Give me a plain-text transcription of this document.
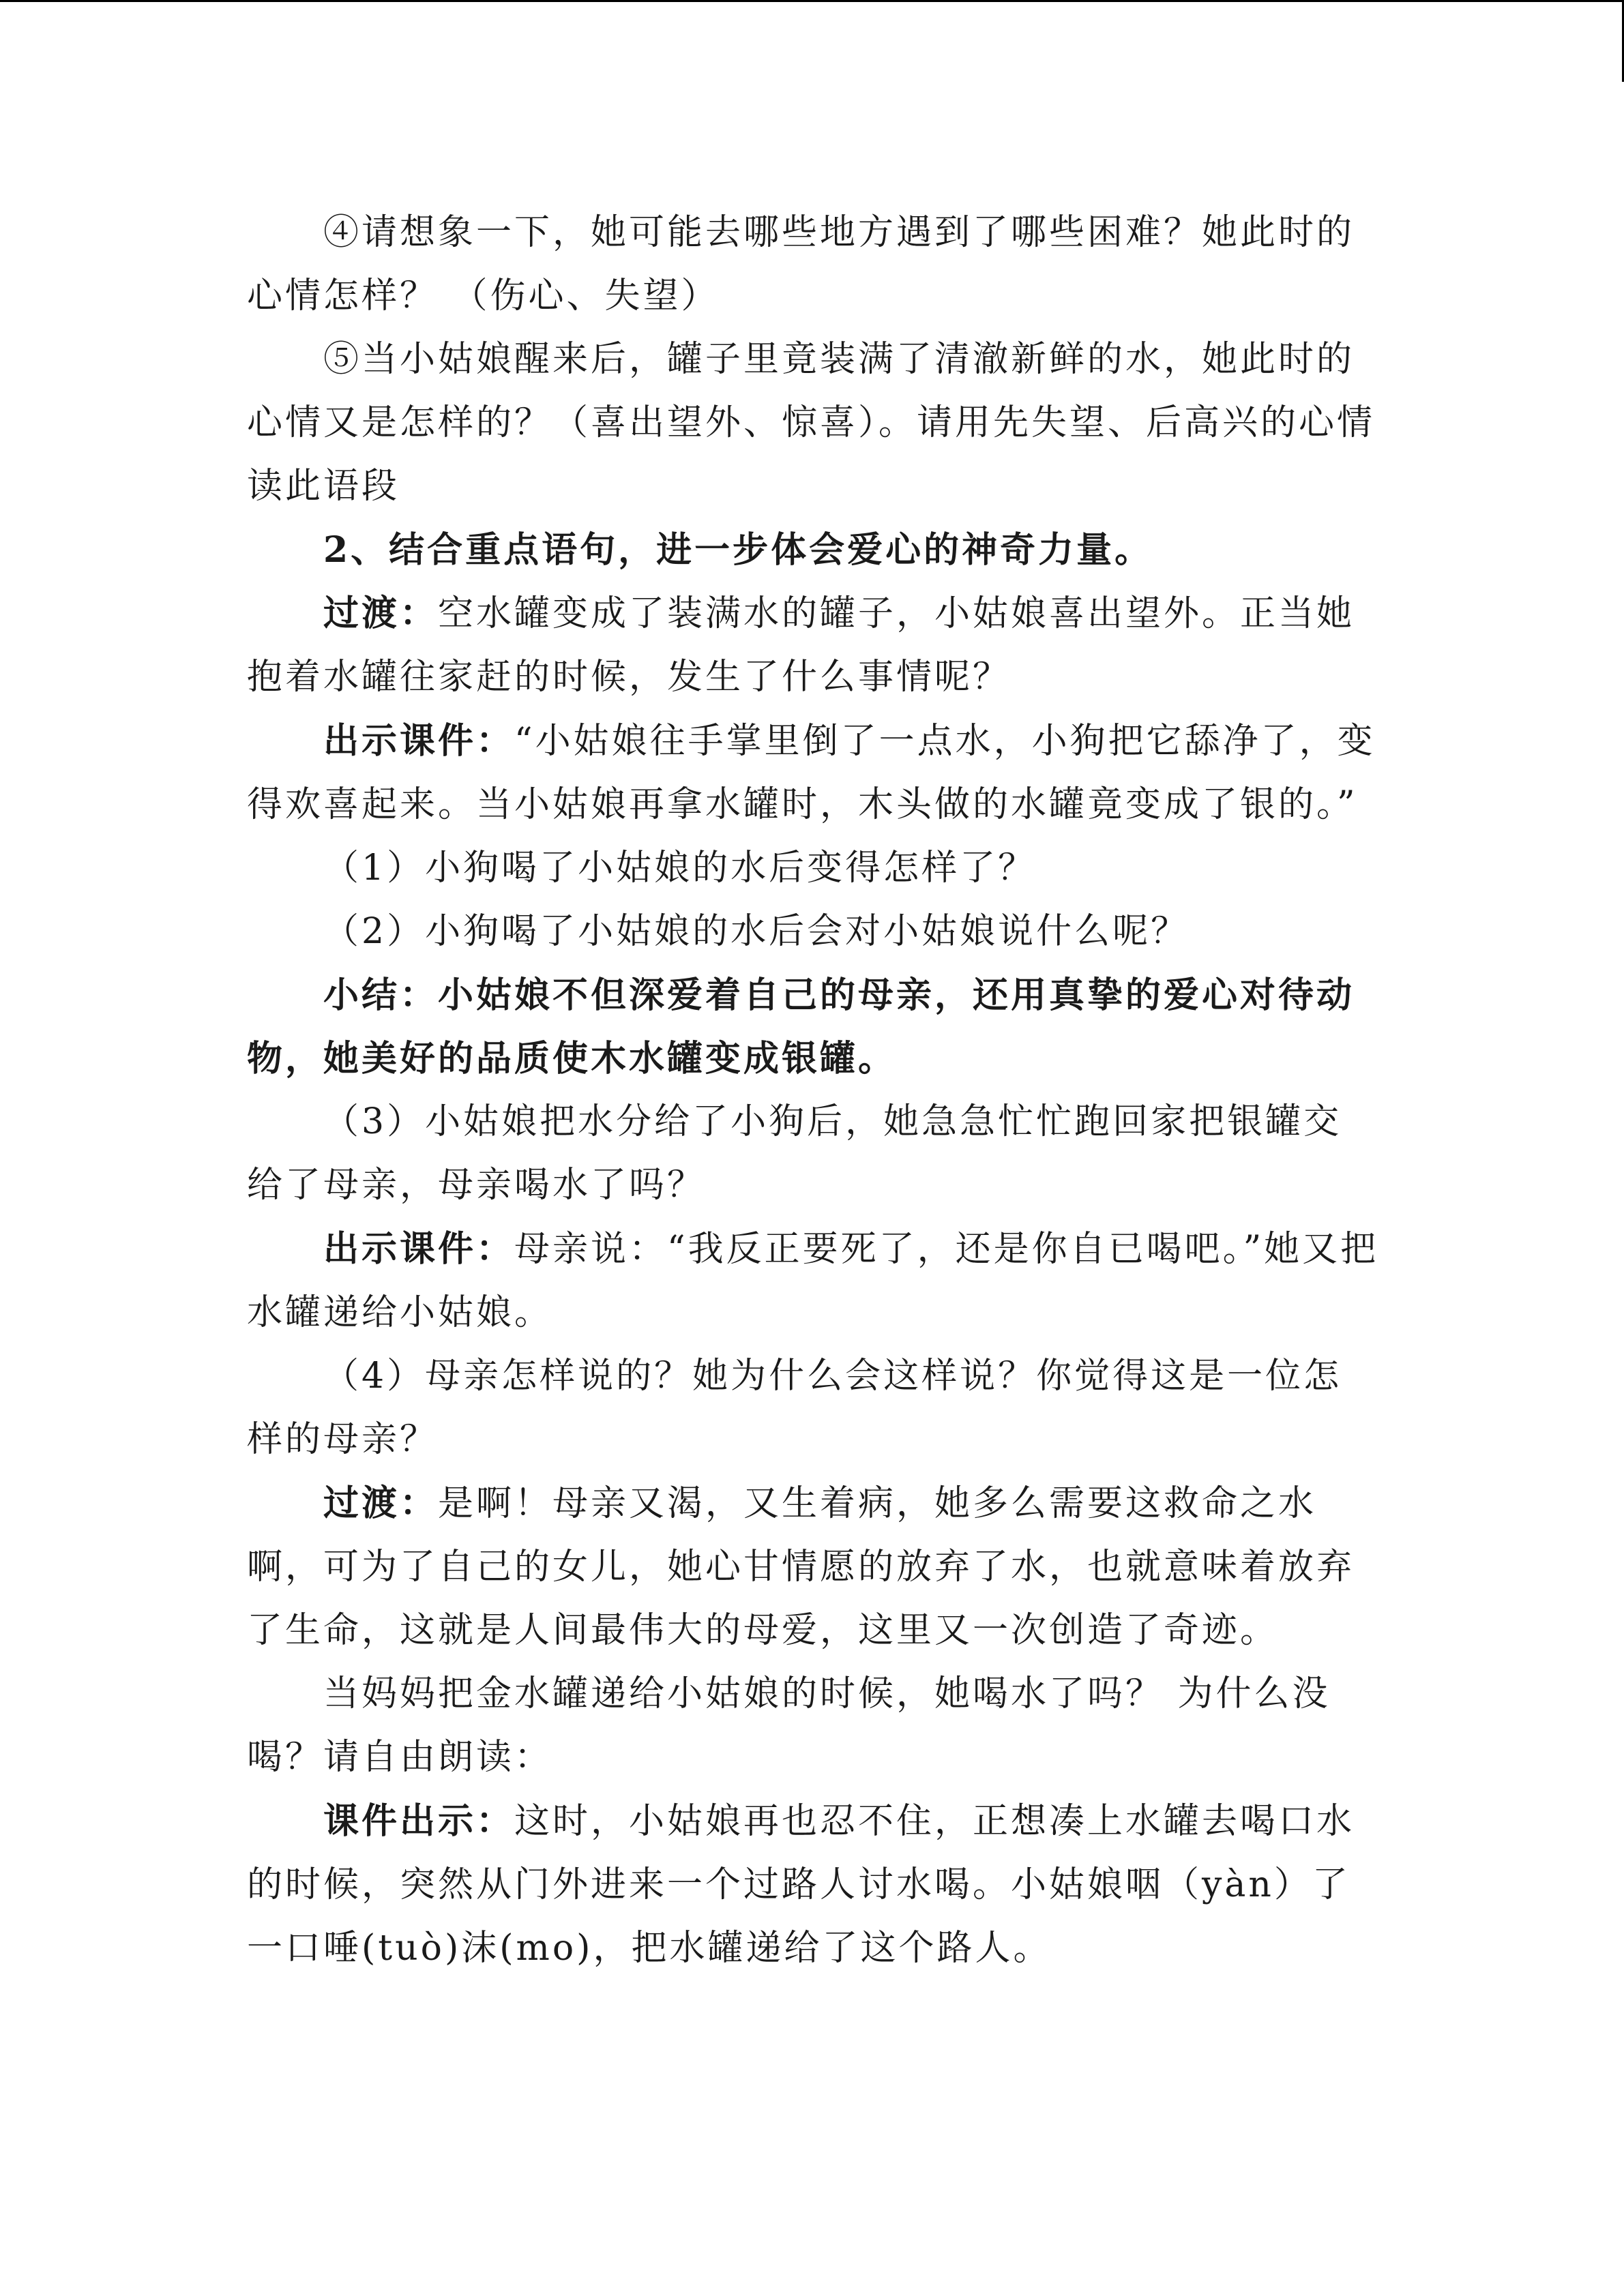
④请想象一下，她可能去哪些地方遇到了哪些困难？她此时的心情怎样？ （伤心、失望）

⑤当小姑娘醒来后，罐子里竟装满了清澈新鲜的水，她此时的心情又是怎样的？（喜出望外、惊喜）。请用先失望、后高兴的心情读此语段

2、结合重点语句，进一步体会爱心的神奇力量。

过渡：空水罐变成了装满水的罐子，小姑娘喜出望外。正当她抱着水罐往家赶的时候，发生了什么事情呢？

出示课件：“小姑娘往手掌里倒了一点水，小狗把它舔净了，变得欢喜起来。当小姑娘再拿水罐时，木头做的水罐竟变成了银的。”

（1）小狗喝了小姑娘的水后变得怎样了？

（2）小狗喝了小姑娘的水后会对小姑娘说什么呢？

小结：小姑娘不但深爱着自己的母亲，还用真挚的爱心对待动物，她美好的品质使木水罐变成银罐。

（3）小姑娘把水分给了小狗后，她急急忙忙跑回家把银罐交给了母亲，母亲喝水了吗？

出示课件：母亲说：“我反正要死了，还是你自已喝吧。”她又把水罐递给小姑娘。

（4）母亲怎样说的？她为什么会这样说？你觉得这是一位怎样的母亲？

过渡：是啊！母亲又渴，又生着病，她多么需要这救命之水啊，可为了自己的女儿，她心甘情愿的放弃了水，也就意味着放弃了生命，这就是人间最伟大的母爱，这里又一次创造了奇迹。

当妈妈把金水罐递给小姑娘的时候，她喝水了吗？ 为什么没喝？请自由朗读：

课件出示：这时，小姑娘再也忍不住，正想凑上水罐去喝口水的时候，突然从门外进来一个过路人讨水喝。小姑娘咽（yàn）了一口唾(tuò)沫(mo)，把水罐递给了这个路人。
